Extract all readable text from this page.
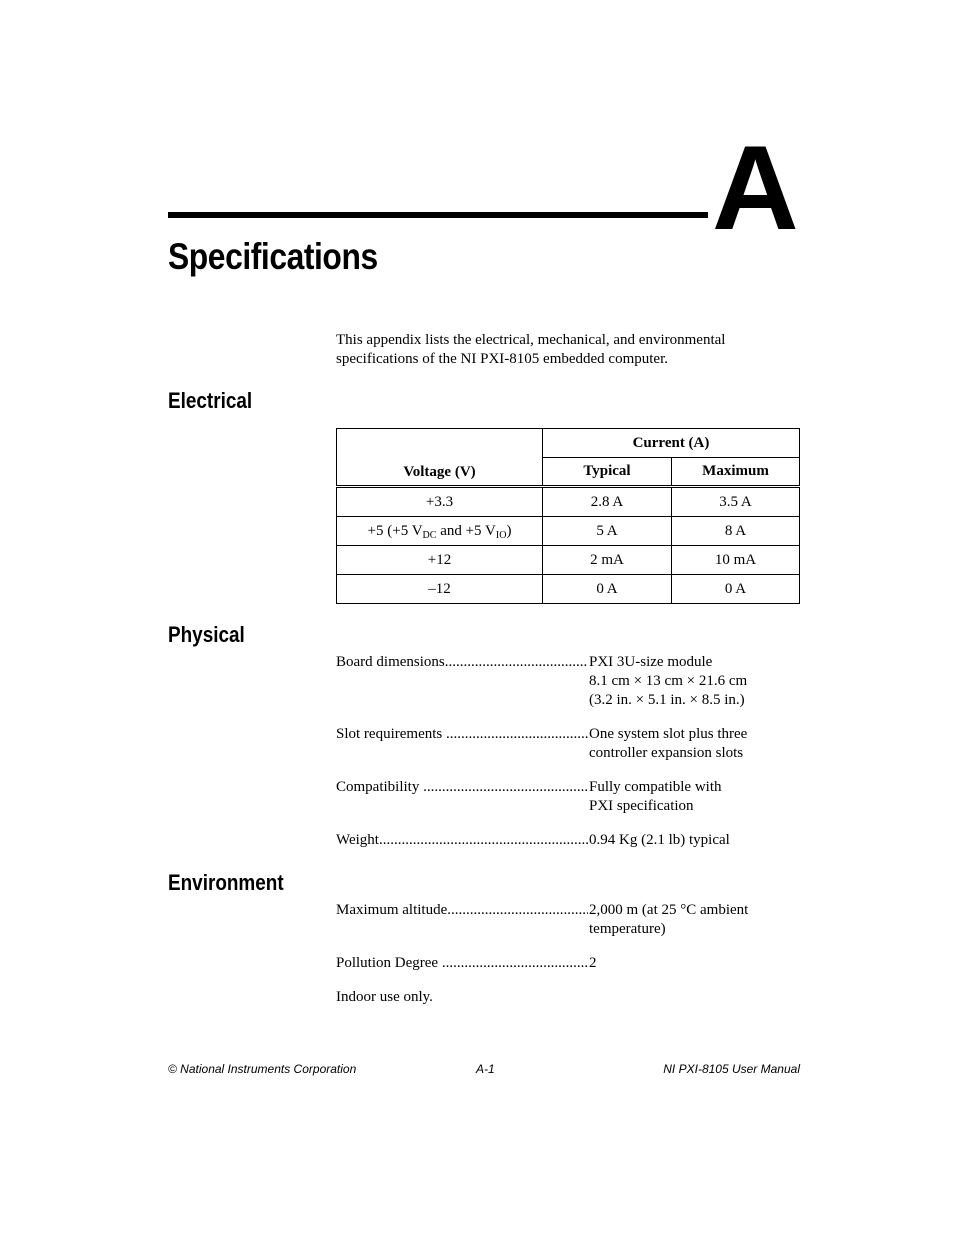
A
Specifications
This appendix lists the electrical, mechanical, and environmental specifications of the NI PXI-8105 embedded computer.
Electrical
Voltage (V)	Current (A)	
	Typical	Maximum
+3.3	2.8 A	3.5 A
+5 (+5 $V_{DC}$ and +5 $V_{IO}$)	5 A	8 A
+12	2 mA	10 mA
–12	0 A	0 A
Physical
Board dimensions .....	PXI 3U-size module
8.1 cm × 13 cm × 21.6 cm
(3.2 in. × 5.1 in. × 8.5 in.)
Slot requirements .....	One system slot plus three
controller expansion slots
Compatibility .....	Fully compatible with
PXI specification
Weight .....	0.94 Kg (2.1 lb) typical
Environment
Maximum altitude .....	2,000 m (at 25 °C ambient
temperature)
Pollution Degree .....	2
Indoor use only.
© National Instruments Corporation	A-1	NI PXI-8105 User Manual
